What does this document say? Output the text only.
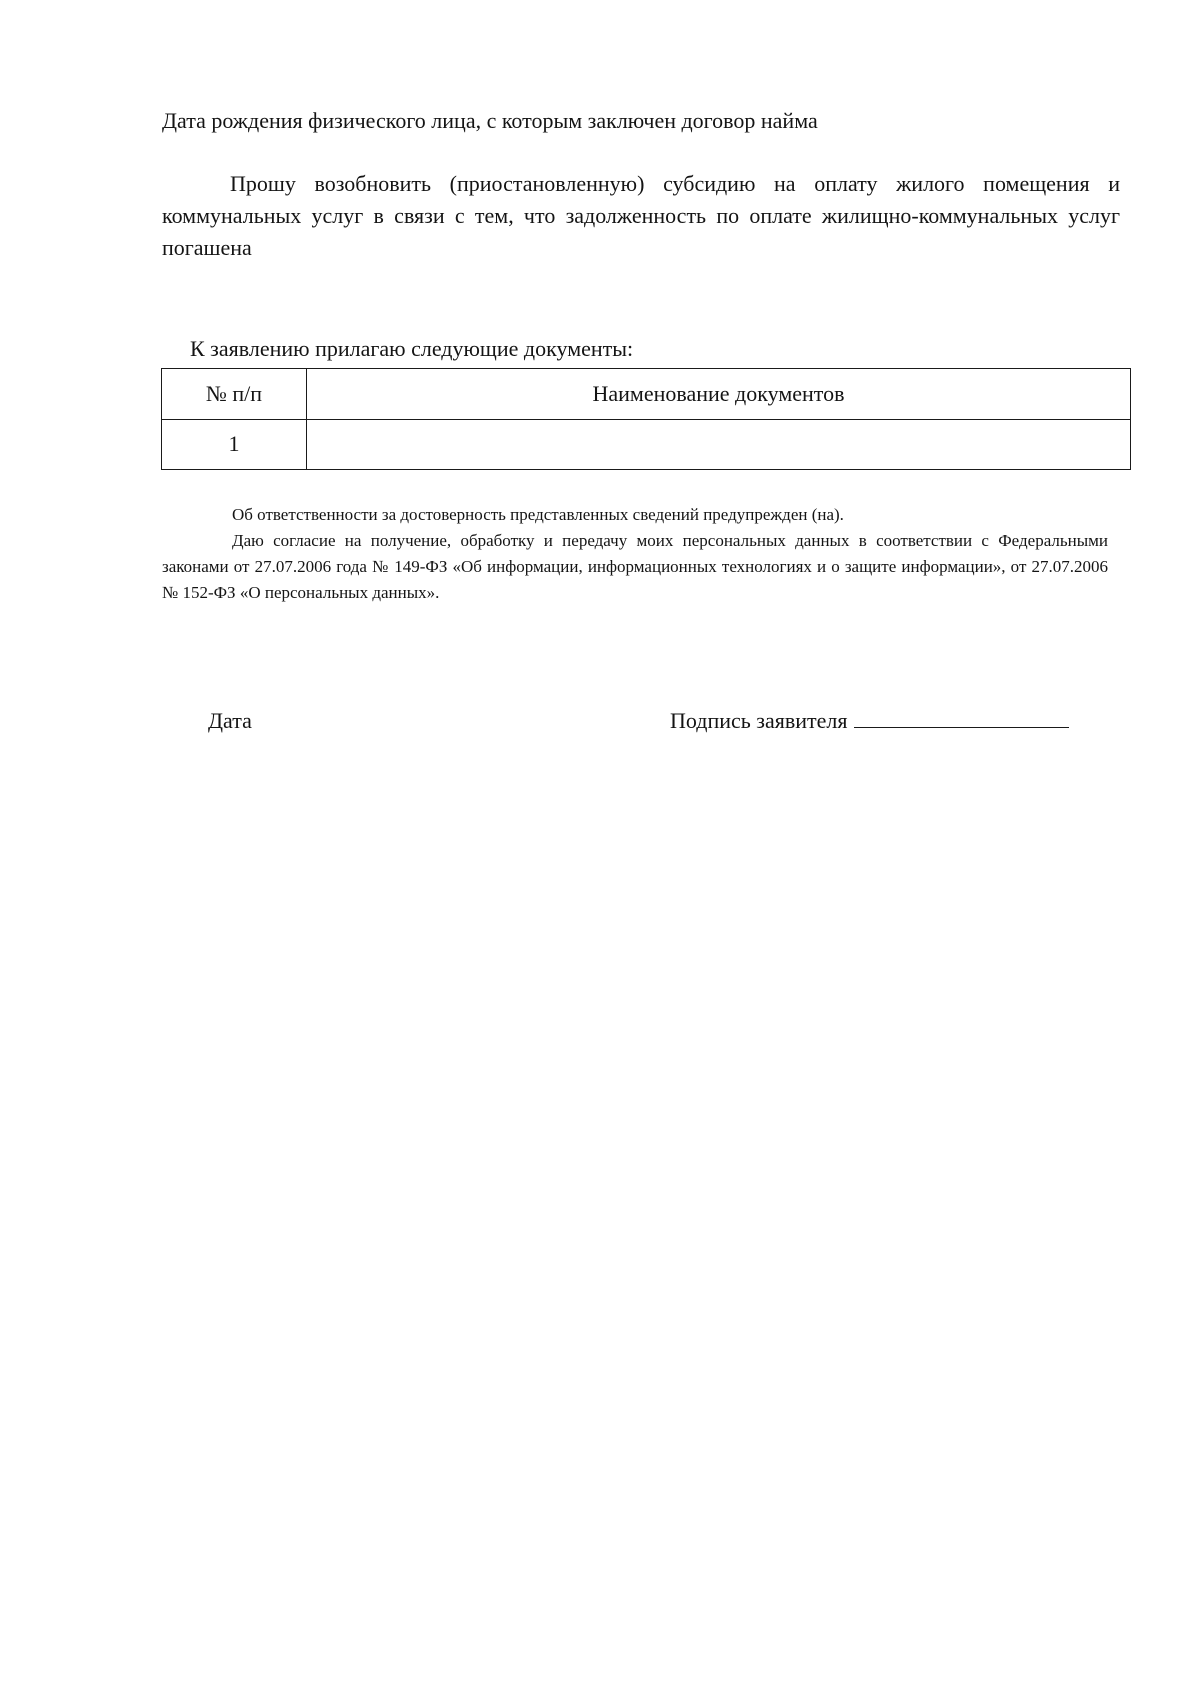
Дата рождения физического лица, с которым заключен договор найма

Прошу возобновить (приостановленную) субсидию на оплату жилого помещения и коммунальных услуг в связи с тем, что задолженность по оплате жилищно-коммунальных услуг погашена

К заявлению прилагаю следующие документы:

№ п/п	Наименование документов
1	

Об ответственности за достоверность представленных сведений предупрежден (на).

Даю согласие на получение, обработку и передачу моих персональных данных в соответствии с Федеральными законами от 27.07.2006 года № 149-ФЗ «Об информации, информационных технологиях и о защите информации», от 27.07.2006 № 152-ФЗ «О персональных данных».

Дата	Подпись заявителя
